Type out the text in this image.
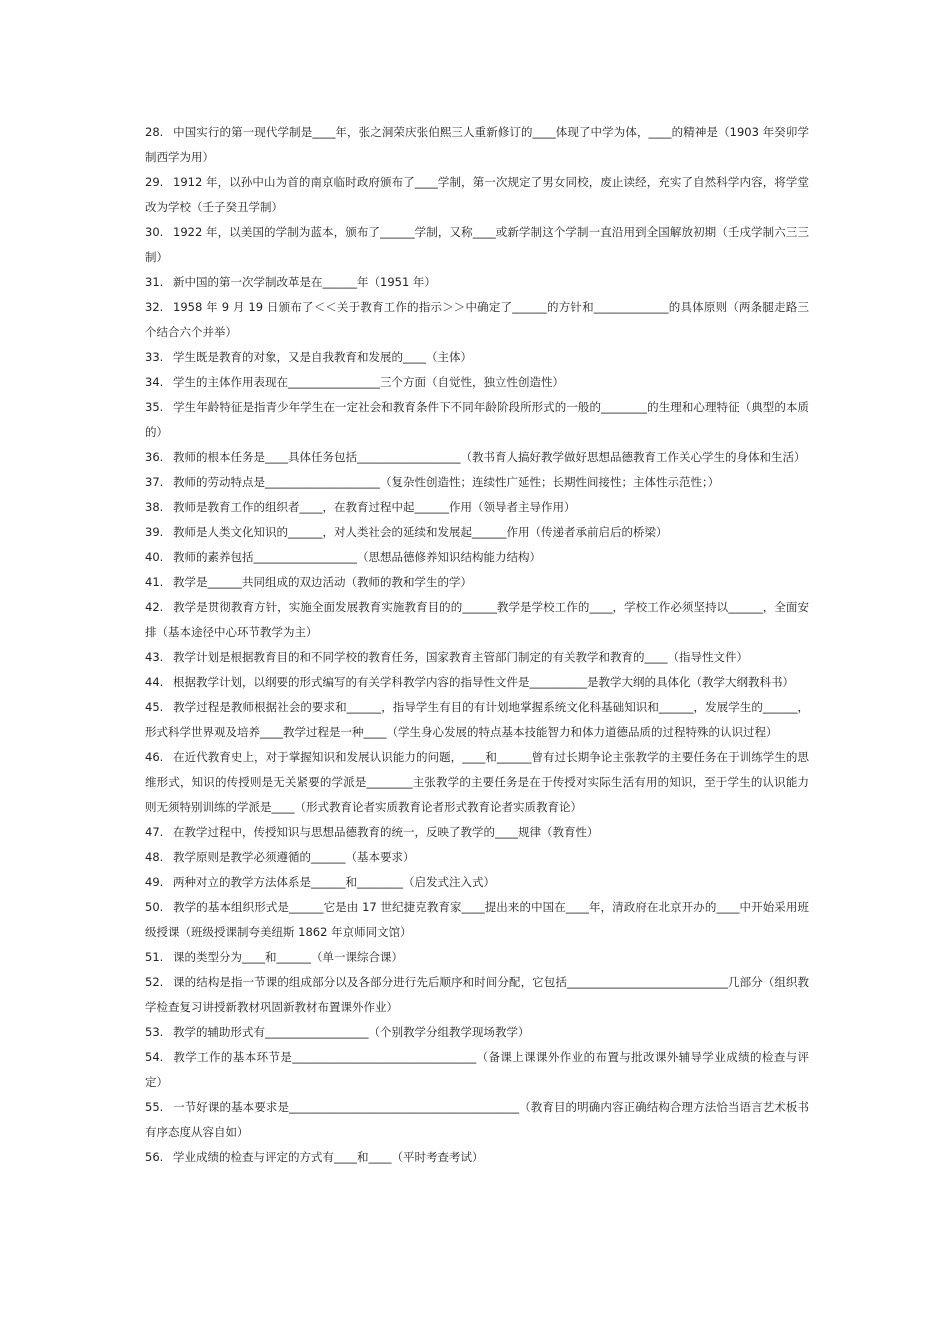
28. 中国实行的第一现代学制是____年，张之洞荣庆张伯熙三人重新修订的____体现了中学为体，____的精神是（1903 年癸卯学制西学为用）

29. 1912 年，以孙中山为首的南京临时政府颁布了____学制，第一次规定了男女同校，废止读经，充实了自然科学内容，将学堂改为学校（壬子癸丑学制）

30. 1922 年，以美国的学制为蓝本，颁布了______学制，又称____或新学制这个学制一直沿用到全国解放初期（壬戌学制六三三制）

31. 新中国的第一次学制改革是在______年（1951 年）

32. 1958 年 9 月 19 日颁布了＜＜关于教育工作的指示＞＞中确定了______的方针和_____________的具体原则（两条腿走路三个结合六个并举）

33. 学生既是教育的对象，又是自我教育和发展的____（主体）

34. 学生的主体作用表现在________________三个方面（自觉性，独立性创造性）

35. 学生年龄特征是指青少年学生在一定社会和教育条件下不同年龄阶段所形式的一般的________的生理和心理特征（典型的本质的）

36. 教师的根本任务是____具体任务包括__________________（教书育人搞好教学做好思想品德教育工作关心学生的身体和生活）

37. 教师的劳动特点是____________________（复杂性创造性；连续性广延性；长期性间接性；主体性示范性；）

38. 教师是教育工作的组织者____，在教育过程中起______作用（领导者主导作用）

39. 教师是人类文化知识的______，对人类社会的延续和发展起______作用（传递者承前启后的桥梁）

40. 教师的素养包括__________________（思想品德修养知识结构能力结构）

41. 教学是______共同组成的双边活动（教师的教和学生的学）

42. 教学是贯彻教育方针，实施全面发展教育实施教育目的的______教学是学校工作的____，学校工作必须坚持以______，全面安排（基本途径中心环节教学为主）

43. 教学计划是根据教育目的和不同学校的教育任务，国家教育主管部门制定的有关教学和教育的____（指导性文件）

44. 根据教学计划，以纲要的形式编写的有关学科教学内容的指导性文件是__________是教学大纲的具体化（教学大纲教科书）

45. 教学过程是教师根据社会的要求和______，指导学生有目的有计划地掌握系统文化科基础知识和______，发展学生的______，形式科学世界观及培养____教学过程是一种____（学生身心发展的特点基本技能智力和体力道德品质的过程特殊的认识过程）

46. 在近代教育史上，对于掌握知识和发展认识能力的问题，____和______曾有过长期争论主张教学的主要任务在于训练学生的思维形式，知识的传授则是无关紧要的学派是________主张教学的主要任务是在于传授对实际生活有用的知识，至于学生的认识能力则无须特别训练的学派是____（形式教育论者实质教育论者形式教育论者实质教育论）

47. 在教学过程中，传授知识与思想品德教育的统一，反映了教学的____规律（教育性）

48. 教学原则是教学必须遵循的______（基本要求）

49. 两种对立的教学方法体系是______和________（启发式注入式）

50. 教学的基本组织形式是______它是由 17 世纪捷克教育家____提出来的中国在____年，清政府在北京开办的____中开始采用班级授课（班级授课制夸美纽斯 1862 年京师同文馆）

51. 课的类型分为____和______（单一课综合课）

52. 课的结构是指一节课的组成部分以及各部分进行先后顺序和时间分配，它包括____________________________几部分（组织教学检查复习讲授新教材巩固新教材布置课外作业）

53. 教学的辅助形式有__________________（个别教学分组教学现场教学）

54. 教学工作的基本环节是________________________________（备课上课课外作业的布置与批改课外辅导学业成绩的检查与评定）

55. 一节好课的基本要求是________________________________________（教育目的明确内容正确结构合理方法恰当语言艺术板书有序态度从容自如）

56. 学业成绩的检查与评定的方式有____和____（平时考查考试）
